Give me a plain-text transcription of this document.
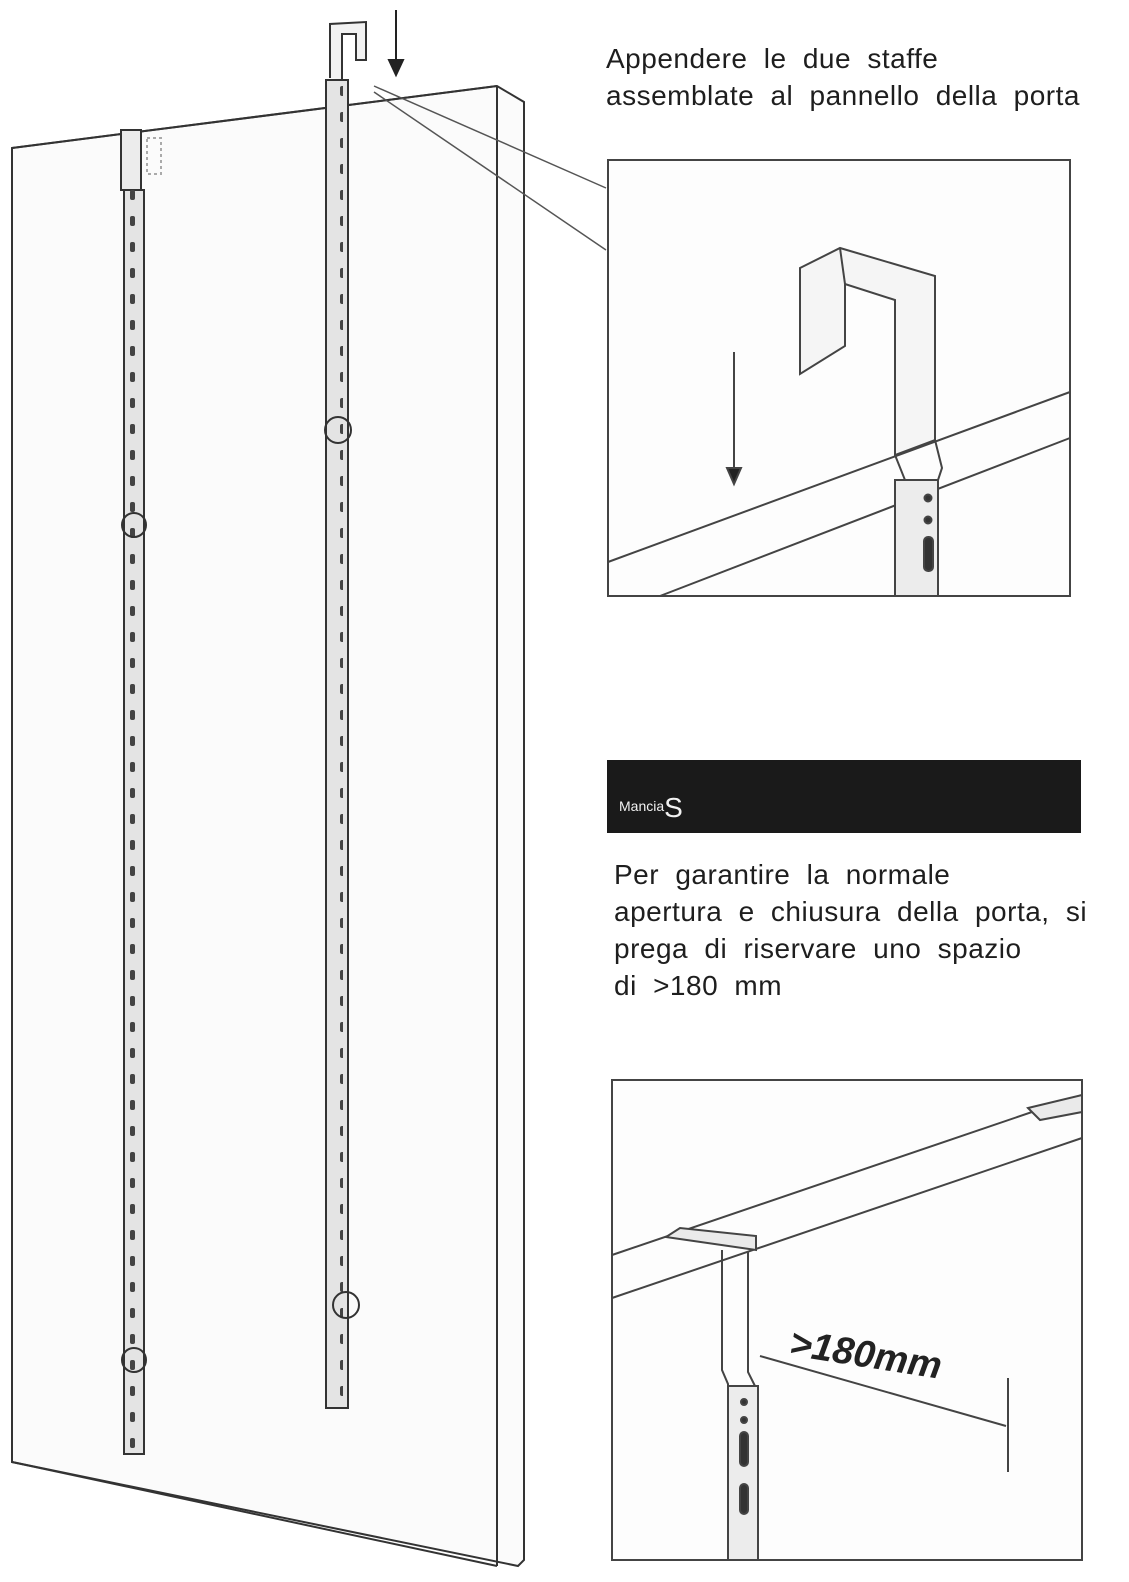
Appendere le due staffe
assemblate al pannello della porta

ManciaS

Per garantire la normale
apertura e chiusura della porta, si
prega di riservare uno spazio
di >180 mm

>180mm
